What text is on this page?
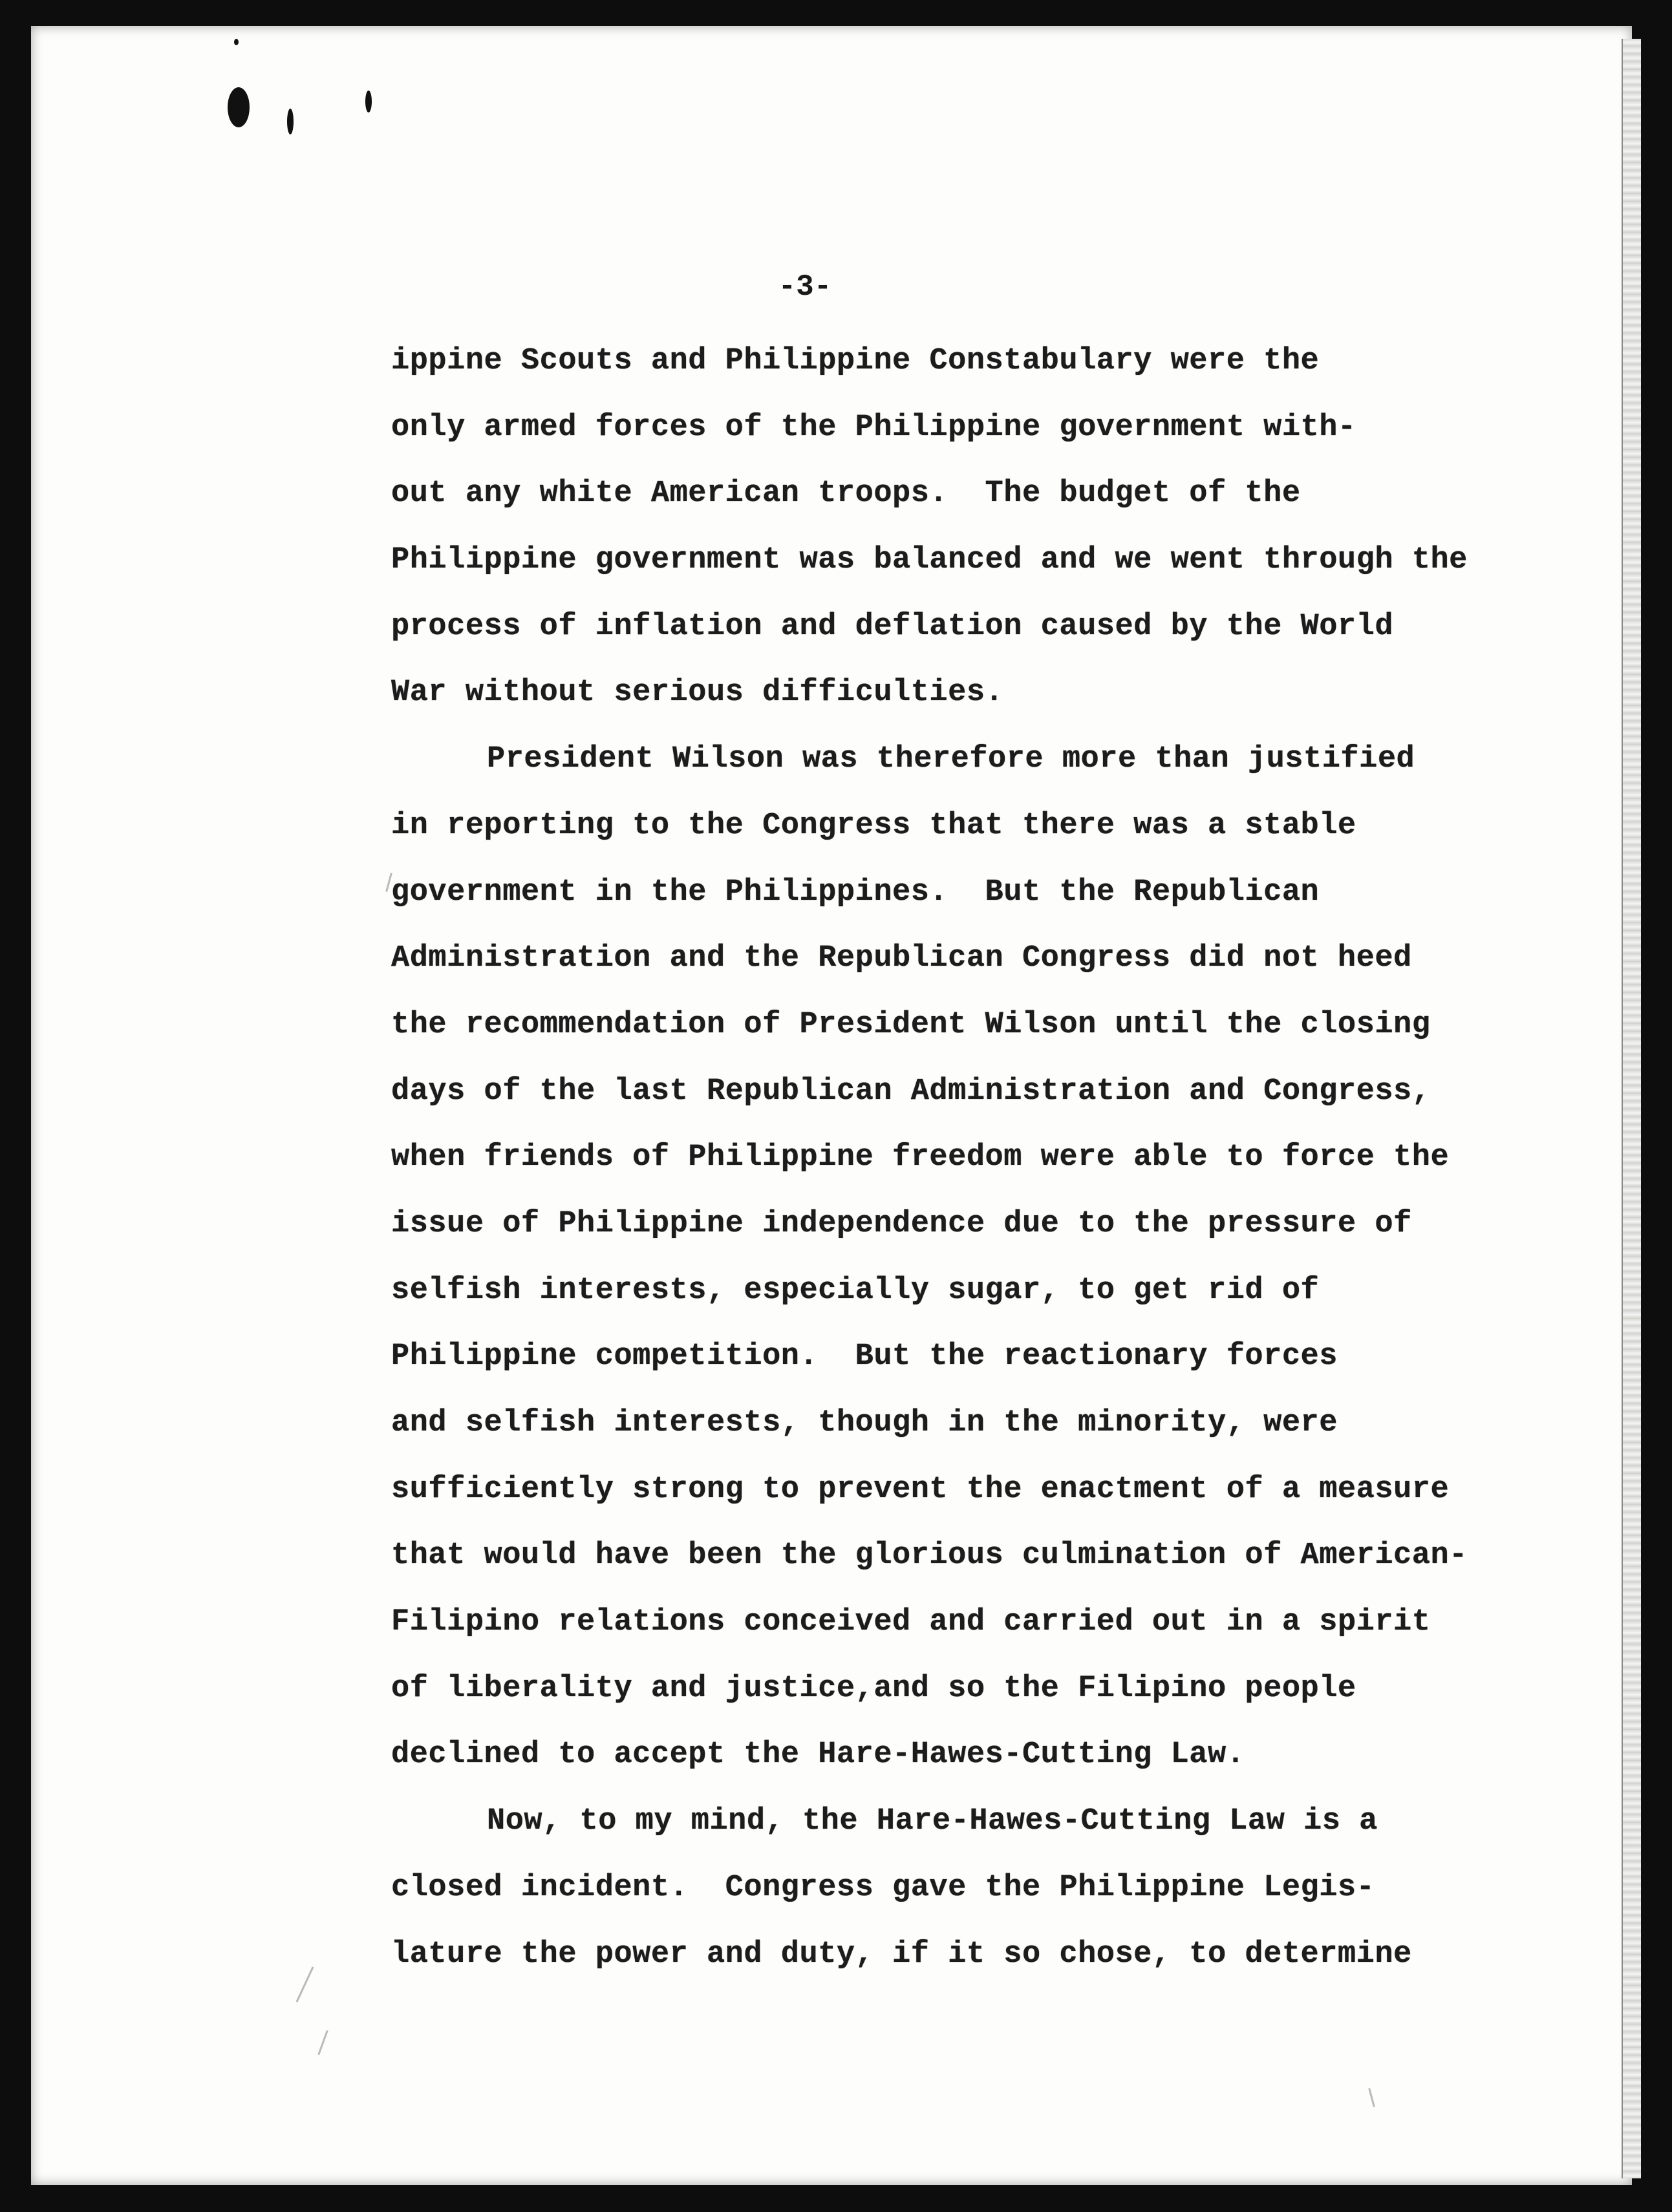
-3-
ippine Scouts and Philippine Constabulary were the
only armed forces of the Philippine government with-
out any white American troops.  The budget of the
Philippine government was balanced and we went through the
process of inflation and deflation caused by the World
War without serious difficulties.
President Wilson was therefore more than justified
in reporting to the Congress that there was a stable
government in the Philippines.  But the Republican
Administration and the Republican Congress did not heed
the recommendation of President Wilson until the closing
days of the last Republican Administration and Congress,
when friends of Philippine freedom were able to force the
issue of Philippine independence due to the pressure of
selfish interests, especially sugar, to get rid of
Philippine competition.  But the reactionary forces
and selfish interests, though in the minority, were
sufficiently strong to prevent the enactment of a measure
that would have been the glorious culmination of American-
Filipino relations conceived and carried out in a spirit
of liberality and justice,and so the Filipino people
declined to accept the Hare-Hawes-Cutting Law.
Now, to my mind, the Hare-Hawes-Cutting Law is a
closed incident.  Congress gave the Philippine Legis-
lature the power and duty, if it so chose, to determine
